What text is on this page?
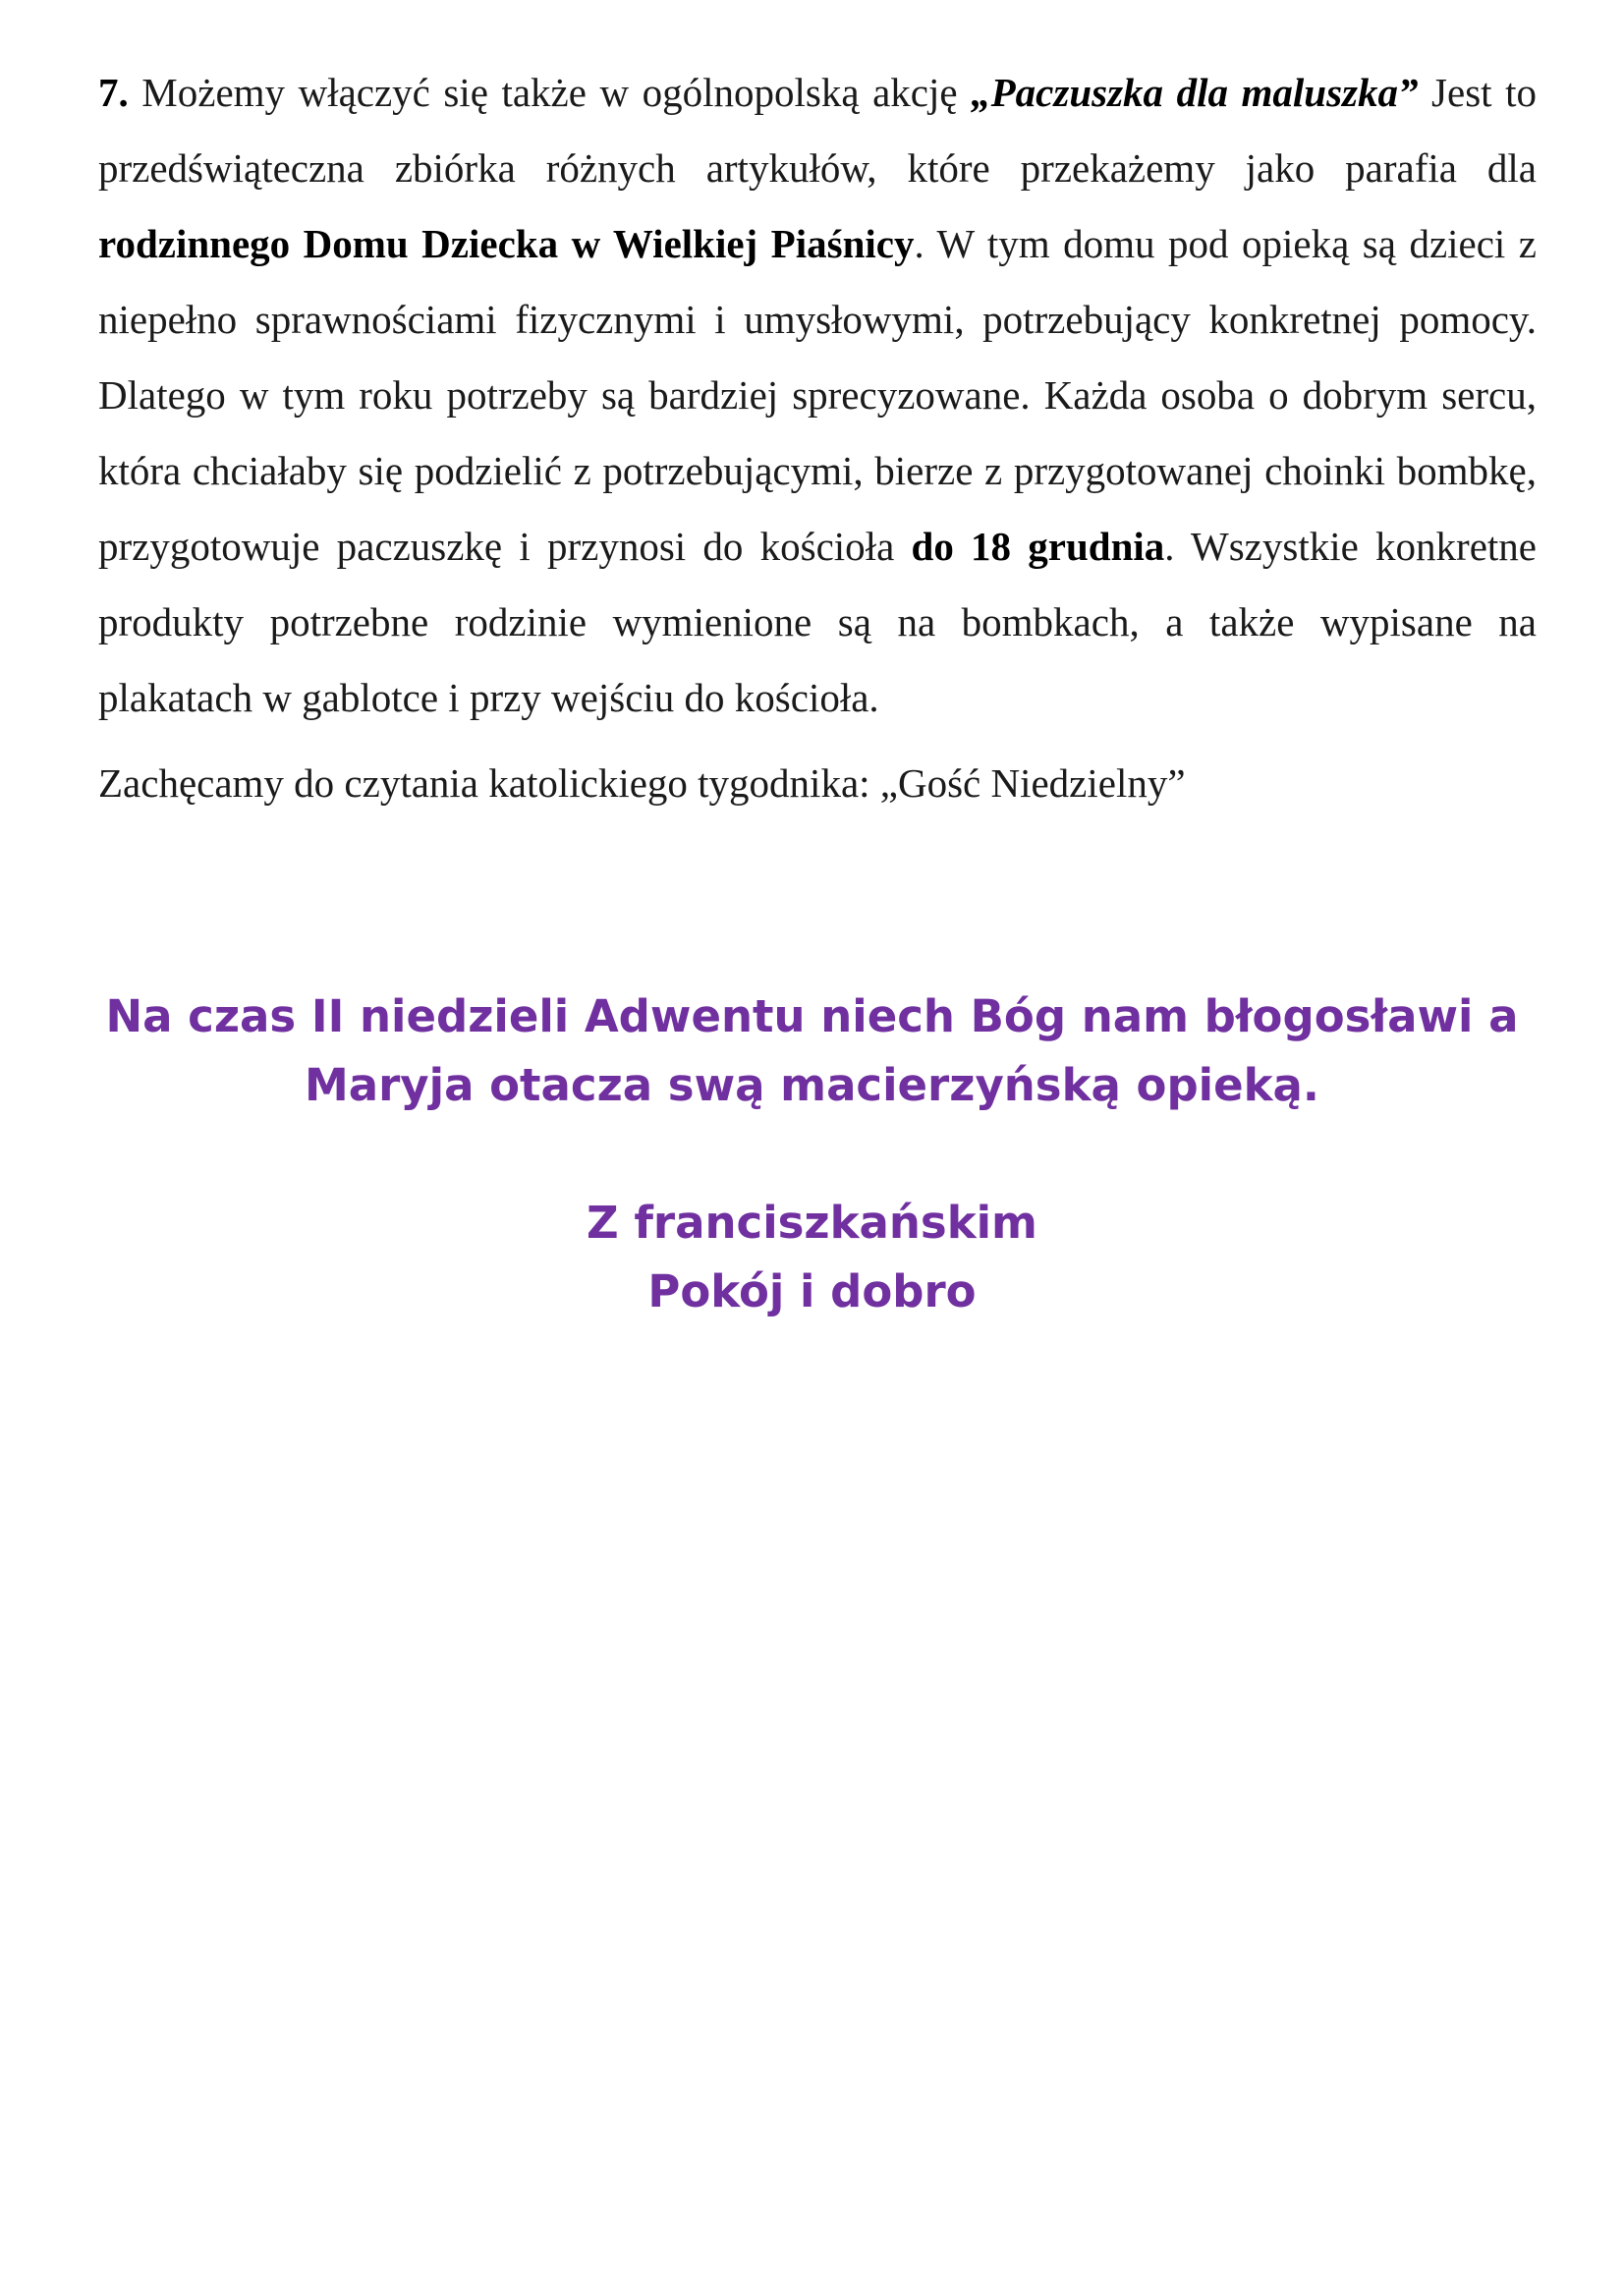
7. Możemy włączyć się także w ogólnopolską akcję „Paczuszka dla maluszka” Jest to przedświąteczna zbiórka różnych artykułów, które przekażemy jako parafia dla rodzinnego Domu Dziecka w Wielkiej Piaśnicy. W tym domu pod opieką są dzieci z niepełno sprawnościami fizycznymi i umysłowymi, potrzebujący konkretnej pomocy. Dlatego w tym roku potrzeby są bardziej sprecyzowane. Każda osoba o dobrym sercu, która chciałaby się podzielić z potrzebującymi, bierze z przygotowanej choinki bombkę, przygotowuje paczuszkę i przynosi do kościoła do 18 grudnia. Wszystkie konkretne produkty potrzebne rodzinie wymienione są na bombkach, a także wypisane na plakatach w gablotce i przy wejściu do kościoła.

Zachęcamy do czytania katolickiego tygodnika: „Gość Niedzielny”

Na czas II niedzieli Adwentu niech Bóg nam błogosławi a
Maryja otacza swą macierzyńską opieką.
Z franciszkańskim
Pokój i dobro
